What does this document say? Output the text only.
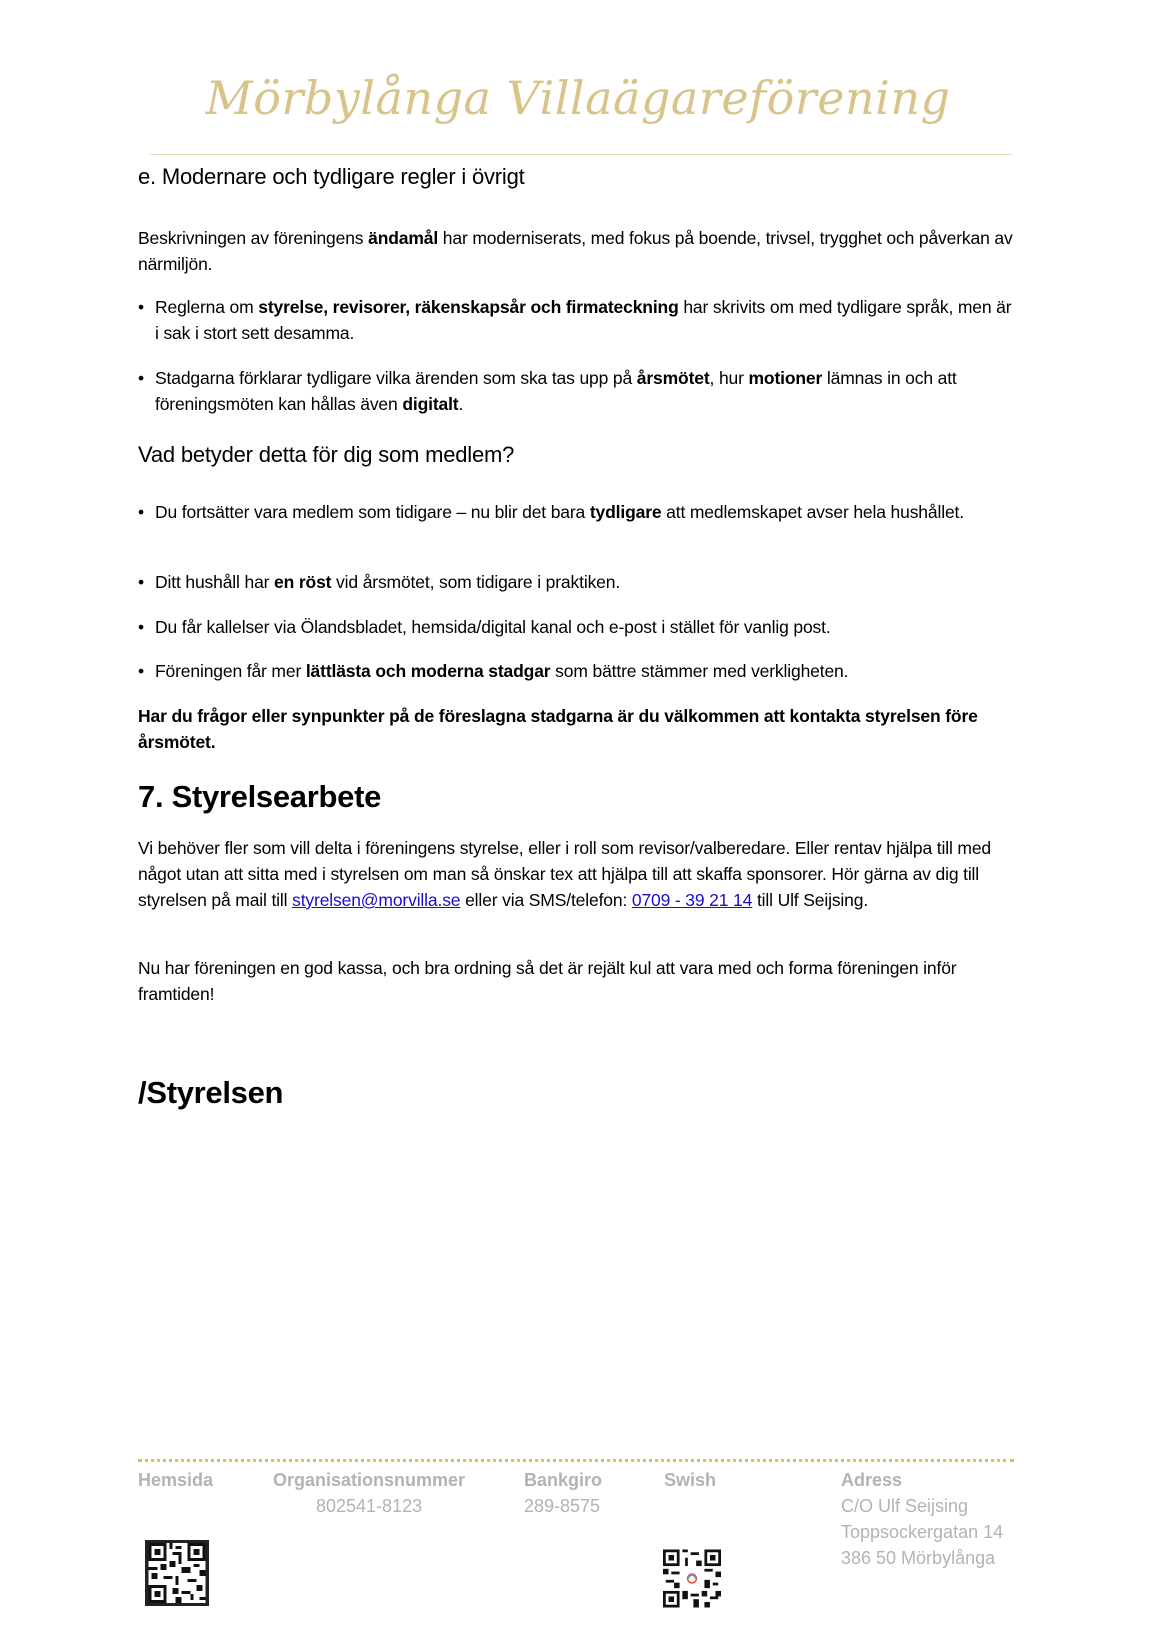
Mörbylånga Villaägareförening
e. Modernare och tydligare regler i övrigt

Beskrivningen av föreningens ändamål har moderniserats, med fokus på boende, trivsel, trygghet och påverkan av närmiljön.

• Reglerna om styrelse, revisorer, räkenskapsår och firmateckning har skrivits om med tydligare språk, men är i sak i stort sett desamma.

• Stadgarna förklarar tydligare vilka ärenden som ska tas upp på årsmötet, hur motioner lämnas in och att föreningsmöten kan hållas även digitalt.

Vad betyder detta för dig som medlem?

• Du fortsätter vara medlem som tidigare – nu blir det bara tydligare att medlemskapet avser hela hushållet.

• Ditt hushåll har en röst vid årsmötet, som tidigare i praktiken.

• Du får kallelser via Ölandsbladet, hemsida/digital kanal och e-post i stället för vanlig post.

• Föreningen får mer lättlästa och moderna stadgar som bättre stämmer med verkligheten.

Har du frågor eller synpunkter på de föreslagna stadgarna är du välkommen att kontakta styrelsen före årsmötet.

7. Styrelsearbete

Vi behöver fler som vill delta i föreningens styrelse, eller i roll som revisor/valberedare. Eller rentav hjälpa till med något utan att sitta med i styrelsen om man så önskar tex att hjälpa till att skaffa sponsorer. Hör gärna av dig till styrelsen på mail till styrelsen@morvilla.se eller via SMS/telefon: 0709 - 39 21 14 till Ulf Seijsing.

Nu har föreningen en god kassa, och bra ordning så det är rejält kul att vara med och forma föreningen inför framtiden!

/Styrelsen
Hemsida	Organisationsnummer
802541-8123
Bankgiro
289-8575
Swish	Adress
C/O Ulf Seijsing
Toppsockergatan 14
386 50 Mörbylånga
